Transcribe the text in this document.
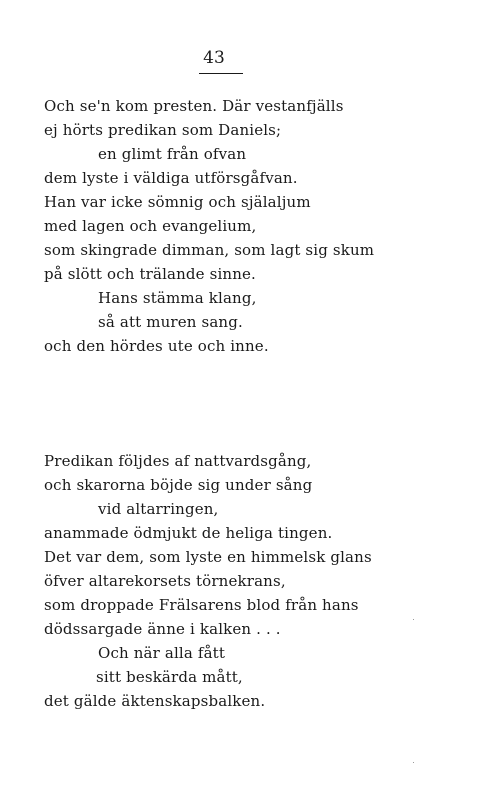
43
Och se'n kom presten. Där vestanfjälls
ej hörts predikan som Daniels;
en glimt från ofvan
dem lyste i väldiga utförsgåfvan.
Han var icke sömnig och själaljum
med lagen och evangelium,
som skingrade dimman, som lagt sig skum
på slött och trälande sinne.
Hans stämma klang,
så att muren sang.
och den hördes ute och inne.
Predikan följdes af nattvardsgång,
och skarorna böjde sig under sång
vid altarringen,
anammade ödmjukt de heliga tingen.
Det var dem, som lyste en himmelsk glans
öfver altarekorsets törnekrans,
som droppade Frälsarens blod från hans
dödssargade änne i kalken . . .
Och när alla fått
sitt beskärda mått,
det gälde äktenskapsbalken.
